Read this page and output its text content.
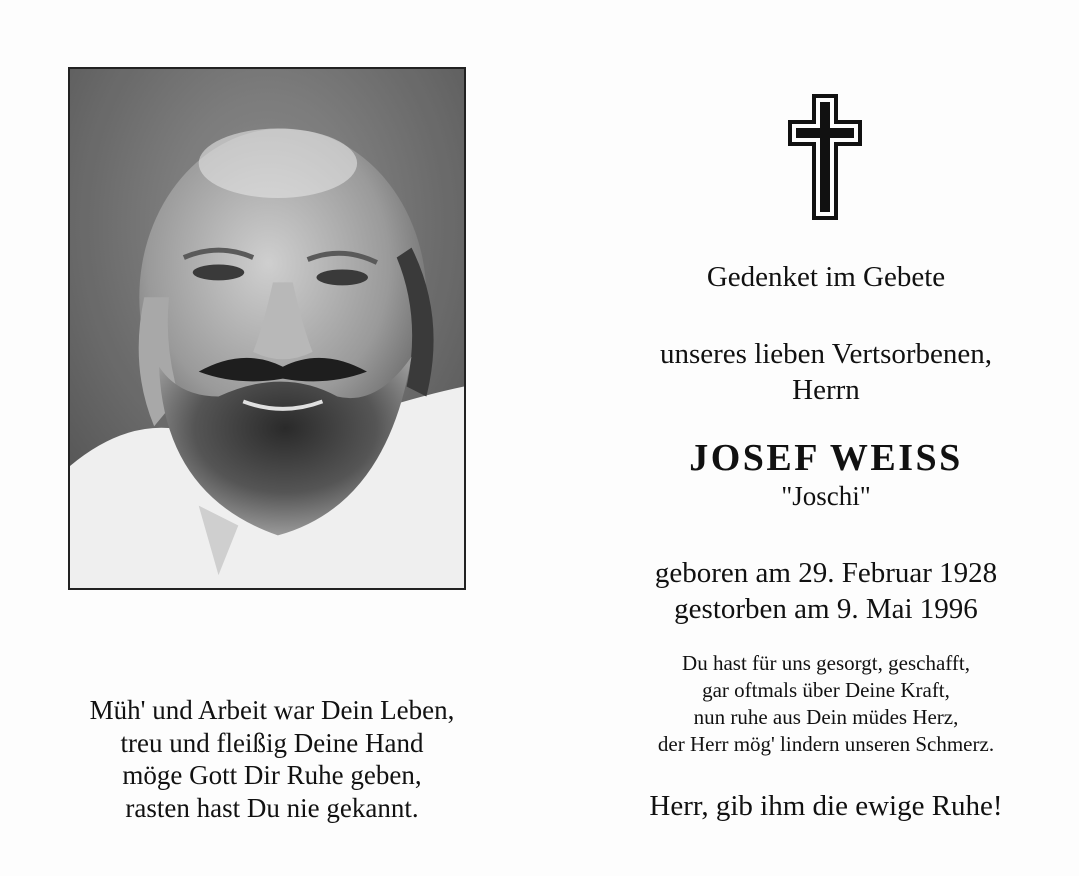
Gedenket im Gebete
unseres lieben Vertsorbenen,
Herrn
JOSEF WEISS
"Joschi"
geboren am 29. Februar 1928
gestorben am 9. Mai 1996
Du hast für uns gesorgt, geschafft,
gar oftmals über Deine Kraft,
nun ruhe aus Dein müdes Herz,
der Herr mög' lindern unseren Schmerz.
Herr, gib ihm die ewige Ruhe!
Müh' und Arbeit war Dein Leben,
treu und fleißig Deine Hand
möge Gott Dir Ruhe geben,
rasten hast Du nie gekannt.
